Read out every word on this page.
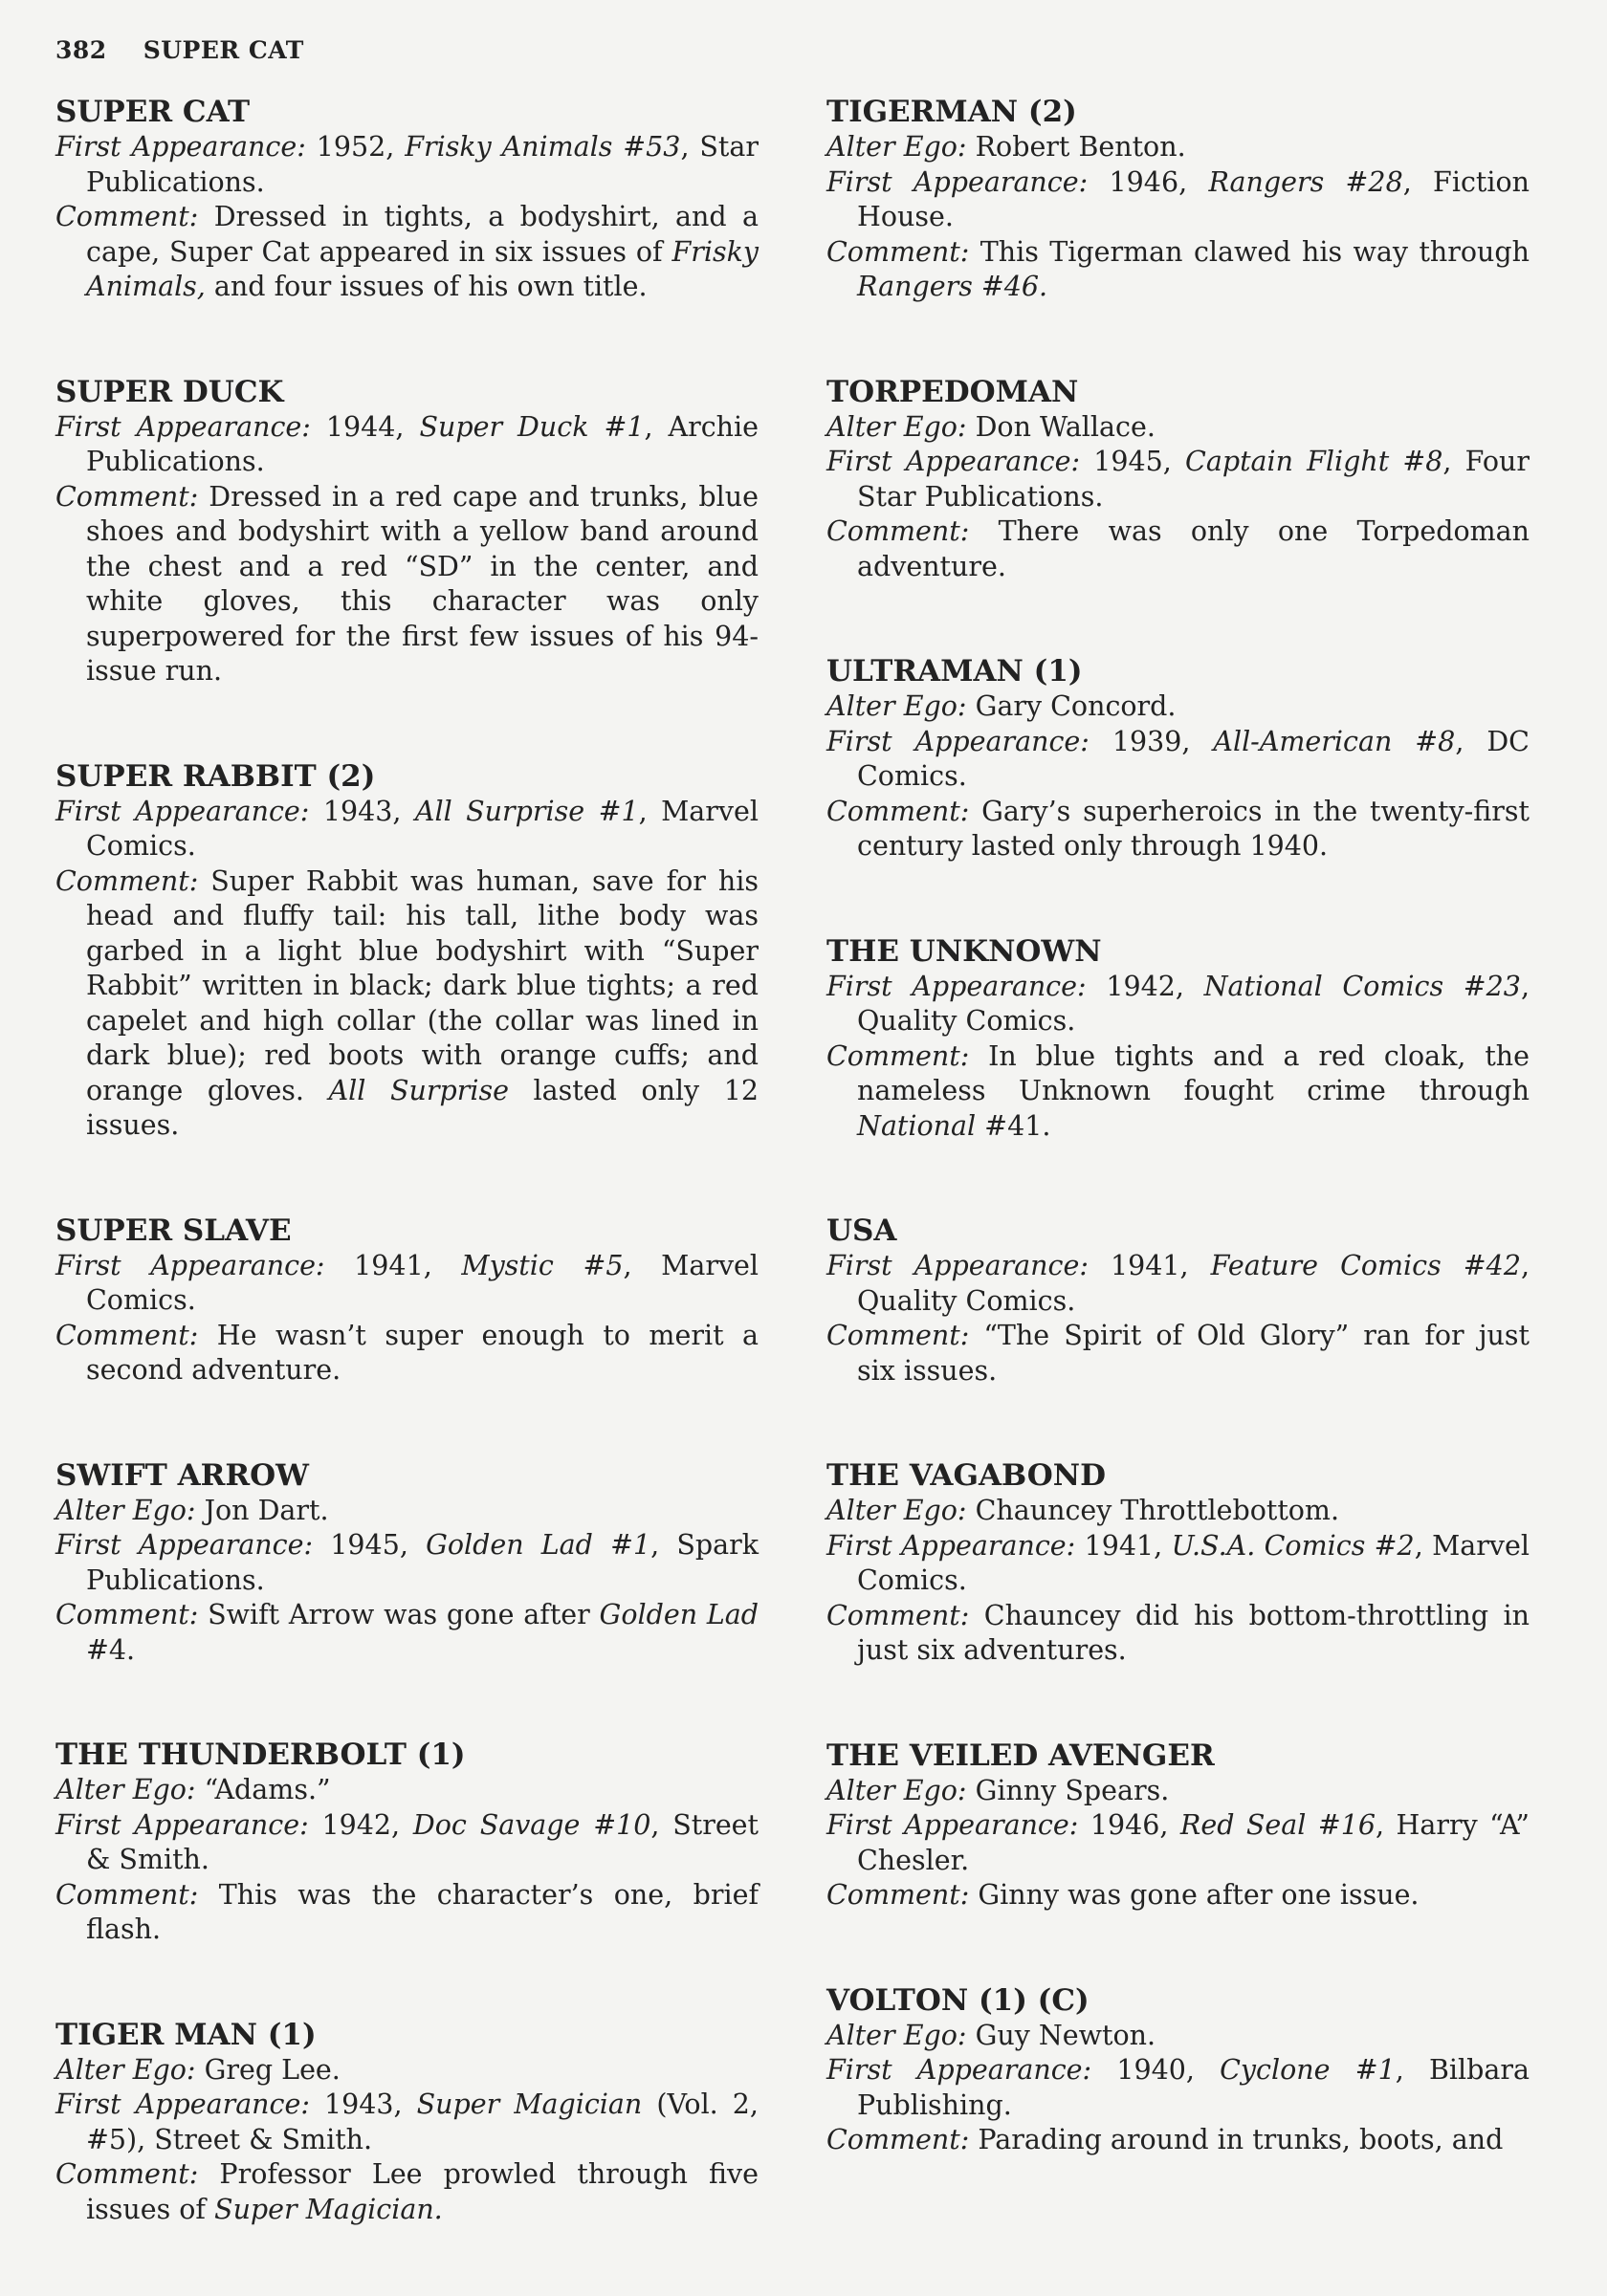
382 SUPER CAT
SUPER CAT
First Appearance: 1952, Frisky Animals #53, Star Publications.
Comment: Dressed in tights, a bodyshirt, and a cape, Super Cat appeared in six issues of Frisky Animals, and four issues of his own title.
SUPER DUCK
First Appearance: 1944, Super Duck #1, Archie Publications.
Comment: Dressed in a red cape and trunks, blue shoes and bodyshirt with a yellow band around the chest and a red “SD” in the center, and white gloves, this character was only superpowered for the first few issues of his 94-issue run.
SUPER RABBIT (2)
First Appearance: 1943, All Surprise #1, Marvel Comics.
Comment: Super Rabbit was human, save for his head and fluffy tail: his tall, lithe body was garbed in a light blue bodyshirt with “Super Rabbit” written in black; dark blue tights; a red capelet and high collar (the collar was lined in dark blue); red boots with orange cuffs; and orange gloves. All Surprise lasted only 12 issues.
SUPER SLAVE
First Appearance: 1941, Mystic #5, Marvel Comics.
Comment: He wasn’t super enough to merit a second adventure.
SWIFT ARROW
Alter Ego: Jon Dart.
First Appearance: 1945, Golden Lad #1, Spark Publications.
Comment: Swift Arrow was gone after Golden Lad #4.
THE THUNDERBOLT (1)
Alter Ego: “Adams.”
First Appearance: 1942, Doc Savage #10, Street & Smith.
Comment: This was the character’s one, brief flash.
TIGER MAN (1)
Alter Ego: Greg Lee.
First Appearance: 1943, Super Magician (Vol. 2, #5), Street & Smith.
Comment: Professor Lee prowled through five issues of Super Magician.
TIGERMAN (2)
Alter Ego: Robert Benton.
First Appearance: 1946, Rangers #28, Fiction House.
Comment: This Tigerman clawed his way through Rangers #46.
TORPEDOMAN
Alter Ego: Don Wallace.
First Appearance: 1945, Captain Flight #8, Four Star Publications.
Comment: There was only one Torpedoman adventure.
ULTRAMAN (1)
Alter Ego: Gary Concord.
First Appearance: 1939, All-American #8, DC Comics.
Comment: Gary’s superheroics in the twenty-first century lasted only through 1940.
THE UNKNOWN
First Appearance: 1942, National Comics #23, Quality Comics.
Comment: In blue tights and a red cloak, the nameless Unknown fought crime through National #41.
USA
First Appearance: 1941, Feature Comics #42, Quality Comics.
Comment: “The Spirit of Old Glory” ran for just six issues.
THE VAGABOND
Alter Ego: Chauncey Throttlebottom.
First Appearance: 1941, U.S.A. Comics #2, Marvel Comics.
Comment: Chauncey did his bottom-throttling in just six adventures.
THE VEILED AVENGER
Alter Ego: Ginny Spears.
First Appearance: 1946, Red Seal #16, Harry “A” Chesler.
Comment: Ginny was gone after one issue.
VOLTON (1) (C)
Alter Ego: Guy Newton.
First Appearance: 1940, Cyclone #1, Bilbara Publishing.
Comment: Parading around in trunks, boots, and
